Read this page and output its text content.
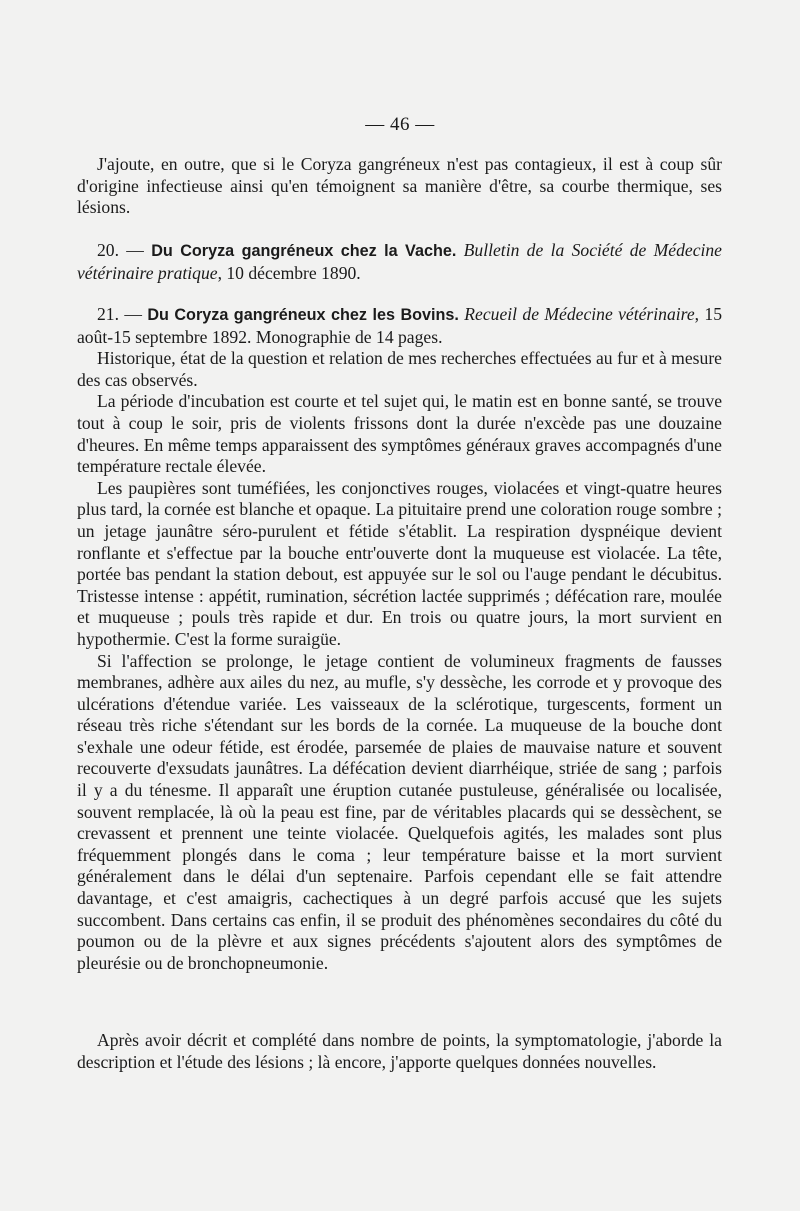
— 46 —

J'ajoute, en outre, que si le Coryza gangréneux n'est pas contagieux, il est à coup sûr d'origine infectieuse ainsi qu'en témoignent sa manière d'être, sa courbe thermique, ses lésions.

20. — Du Coryza gangréneux chez la Vache. Bulletin de la Société de Médecine vétérinaire pratique, 10 décembre 1890.

21. — Du Coryza gangréneux chez les Bovins. Recueil de Médecine vétérinaire, 15 août-15 septembre 1892. Monographie de 14 pages.

Historique, état de la question et relation de mes recherches effectuées au fur et à mesure des cas observés.

La période d'incubation est courte et tel sujet qui, le matin est en bonne santé, se trouve tout à coup le soir, pris de violents frissons dont la durée n'excède pas une douzaine d'heures. En même temps apparaissent des symptômes généraux graves accompagnés d'une température rectale élevée.

Les paupières sont tuméfiées, les conjonctives rouges, violacées et vingt-quatre heures plus tard, la cornée est blanche et opaque. La pituitaire prend une coloration rouge sombre ; un jetage jaunâtre séro-purulent et fétide s'établit. La respiration dyspnéique devient ronflante et s'effectue par la bouche entr'ouverte dont la muqueuse est violacée. La tête, portée bas pendant la station debout, est appuyée sur le sol ou l'auge pendant le décubitus. Tristesse intense : appétit, rumination, sécrétion lactée supprimés ; défécation rare, moulée et muqueuse ; pouls très rapide et dur. En trois ou quatre jours, la mort survient en hypothermie. C'est la forme suraigüe.

Si l'affection se prolonge, le jetage contient de volumineux fragments de fausses membranes, adhère aux ailes du nez, au mufle, s'y dessèche, les corrode et y provoque des ulcérations d'étendue variée. Les vaisseaux de la sclérotique, turgescents, forment un réseau très riche s'étendant sur les bords de la cornée. La muqueuse de la bouche dont s'exhale une odeur fétide, est érodée, parsemée de plaies de mauvaise nature et souvent recouverte d'exsudats jaunâtres. La défécation devient diarrhéique, striée de sang ; parfois il y a du ténesme. Il apparaît une éruption cutanée pustuleuse, généralisée ou localisée, souvent remplacée, là où la peau est fine, par de véritables placards qui se dessèchent, se crevassent et prennent une teinte violacée. Quelquefois agités, les malades sont plus fréquemment plongés dans le coma ; leur température baisse et la mort survient généralement dans le délai d'un septenaire. Parfois cependant elle se fait attendre davantage, et c'est amaigris, cachectiques à un degré parfois accusé que les sujets succombent. Dans certains cas enfin, il se produit des phénomènes secondaires du côté du poumon ou de la plèvre et aux signes précédents s'ajoutent alors des symptômes de pleurésie ou de bronchopneumonie.

Après avoir décrit et complété dans nombre de points, la symptomatologie, j'aborde la description et l'étude des lésions ; là encore, j'apporte quelques données nouvelles.
